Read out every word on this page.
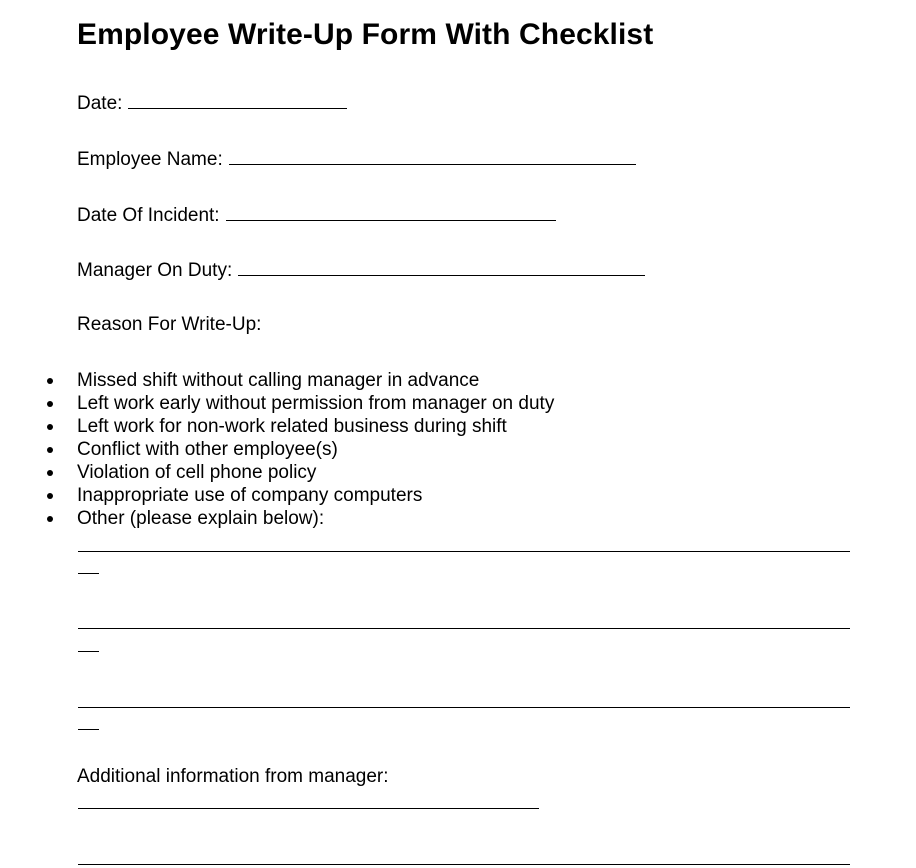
Employee Write-Up Form With Checklist
Date:
Employee Name:
Date Of Incident:
Manager On Duty:
Reason For Write-Up:
Missed shift without calling manager in advance
Left work early without permission from manager on duty
Left work for non-work related business during shift
Conflict with other employee(s)
Violation of cell phone policy
Inappropriate use of company computers
Other (please explain below):
Additional information from manager:
